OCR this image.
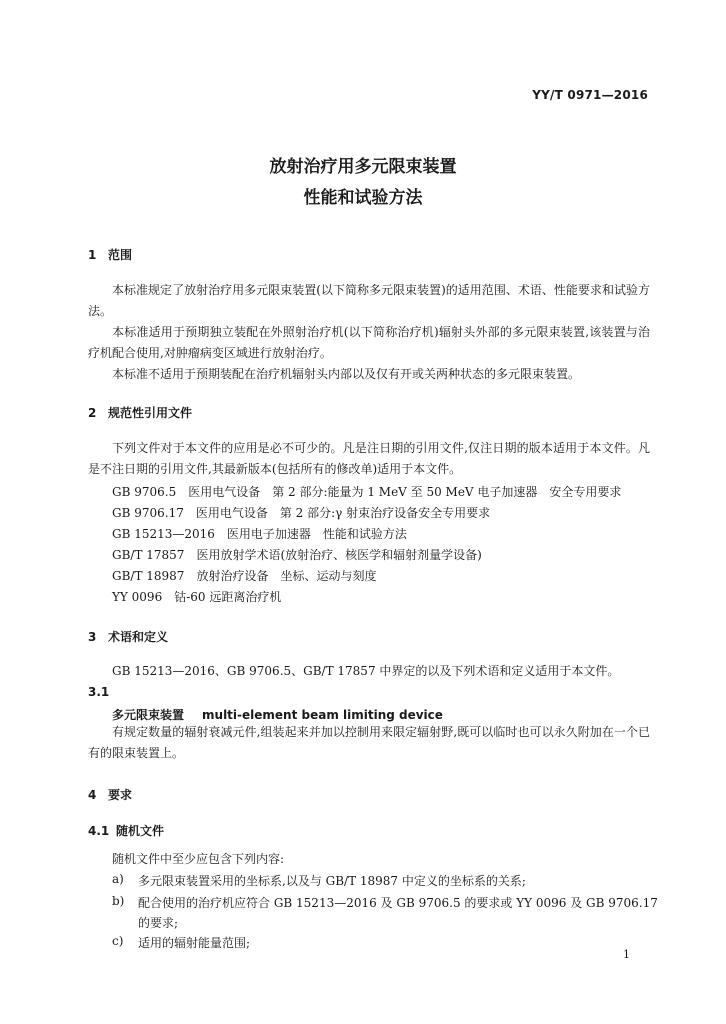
YY/T 0971—2016
放射治疗用多元限束装置
性能和试验方法
1 范围
本标准规定了放射治疗用多元限束装置(以下简称多元限束装置)的适用范围、术语、性能要求和试验方法。
本标准适用于预期独立装配在外照射治疗机(以下简称治疗机)辐射头外部的多元限束装置,该装置与治疗机配合使用,对肿瘤病变区域进行放射治疗。
本标准不适用于预期装配在治疗机辐射头内部以及仅有开或关两种状态的多元限束装置。
2 规范性引用文件
下列文件对于本文件的应用是必不可少的。凡是注日期的引用文件,仅注日期的版本适用于本文件。凡是不注日期的引用文件,其最新版本(包括所有的修改单)适用于本文件。
GB 9706.5　医用电气设备　第 2 部分:能量为 1 MeV 至 50 MeV 电子加速器　安全专用要求
GB 9706.17　医用电气设备　第 2 部分:γ 射束治疗设备安全专用要求
GB 15213—2016　医用电子加速器　性能和试验方法
GB/T 17857　医用放射学术语(放射治疗、核医学和辐射剂量学设备)
GB/T 18987　放射治疗设备　坐标、运动与刻度
YY 0096　钴-60 远距离治疗机
3 术语和定义
GB 15213—2016、GB 9706.5、GB/T 17857 中界定的以及下列术语和定义适用于本文件。
3.1
多元限束装置 multi-element beam limiting device
有规定数量的辐射衰减元件,组装起来并加以控制用来限定辐射野,既可以临时也可以永久附加在一个已有的限束装置上。
4 要求
4.1 随机文件
随机文件中至少应包含下列内容:
a) 多元限束装置采用的坐标系,以及与 GB/T 18987 中定义的坐标系的关系;
b) 配合使用的治疗机应符合 GB 15213—2016 及 GB 9706.5 的要求或 YY 0096 及 GB 9706.17
的要求;
c) 适用的辐射能量范围;
1
